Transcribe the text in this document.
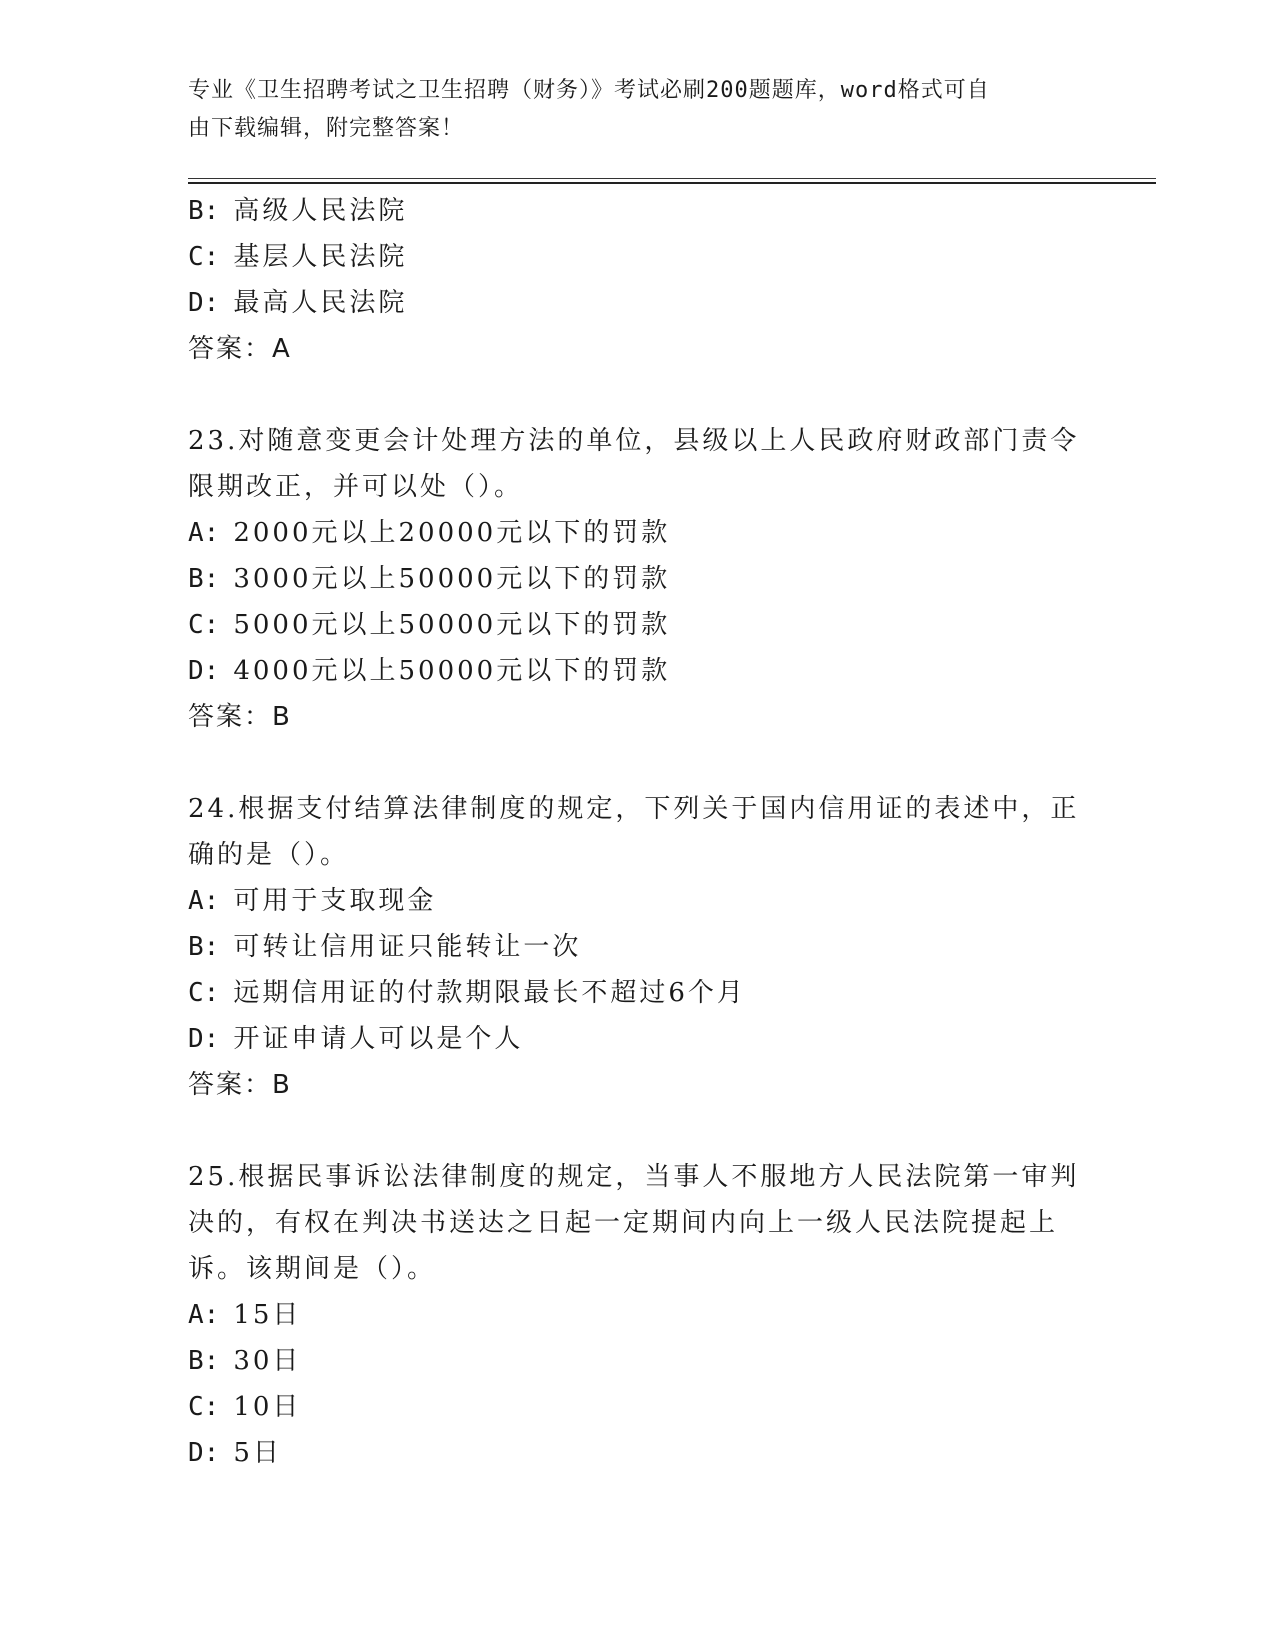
专业《卫生招聘考试之卫生招聘（财务）》考试必刷200题题库，word格式可自
由下载编辑，附完整答案！
B: 高级人民法院
C: 基层人民法院
D: 最高人民法院
答案：A
23.对随意变更会计处理方法的单位，县级以上人民政府财政部门责令
限期改正，并可以处（）。
A: 2000元以上20000元以下的罚款
B: 3000元以上50000元以下的罚款
C: 5000元以上50000元以下的罚款
D: 4000元以上50000元以下的罚款
答案：B
24.根据支付结算法律制度的规定，下列关于国内信用证的表述中，正
确的是（）。
A: 可用于支取现金
B: 可转让信用证只能转让一次
C: 远期信用证的付款期限最长不超过6个月
D: 开证申请人可以是个人
答案：B
25.根据民事诉讼法律制度的规定，当事人不服地方人民法院第一审判
决的，有权在判决书送达之日起一定期间内向上一级人民法院提起上
诉。该期间是（）。
A: 15日
B: 30日
C: 10日
D: 5日
